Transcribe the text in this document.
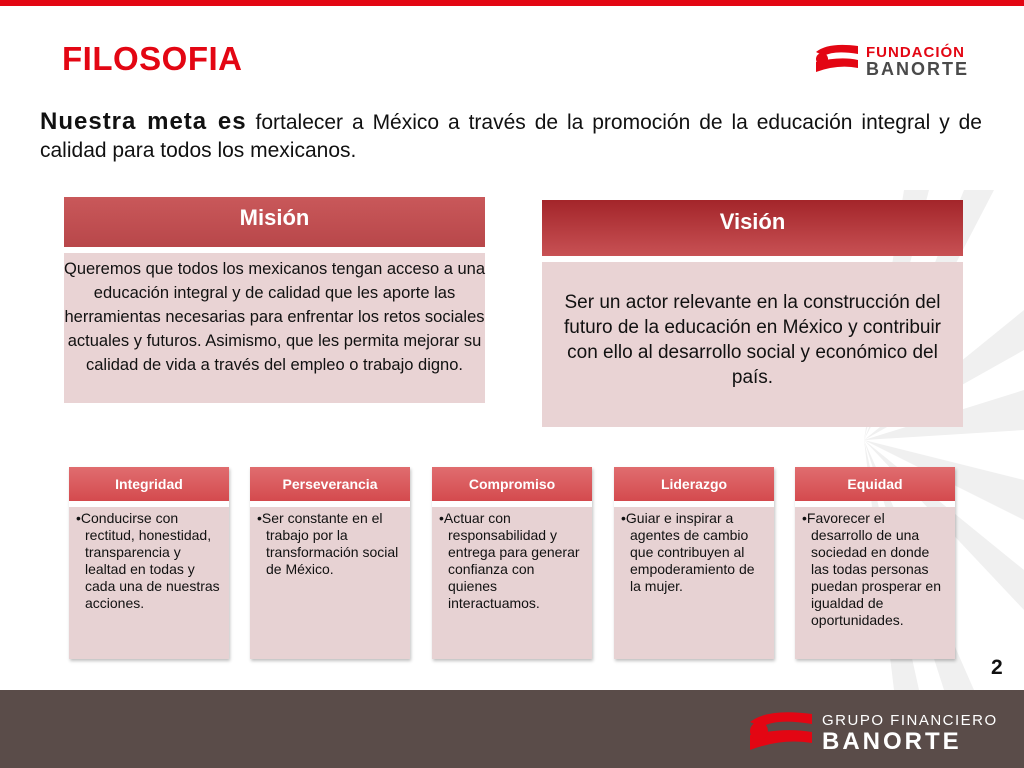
FILOSOFIA	FUNDACIÓN
BANORTE
Nuestra meta es fortalecer a México a través de la promoción de la educación integral y de calidad para todos los mexicanos.
Misión
Queremos que todos los mexicanos tengan acceso a una educación integral y de calidad que les aporte las herramientas necesarias para enfrentar los retos sociales actuales y futuros. Asimismo, que les permita mejorar su calidad de vida a través del empleo o trabajo digno.
Visión
Ser un actor relevante en la construcción del futuro de la educación en México y contribuir con ello al desarrollo social y económico del país.
Integridad
•Conducirse con rectitud, honestidad, transparencia y lealtad en todas y cada una de nuestras acciones.
Perseverancia
•Ser constante en el trabajo por la transformación social de México.
Compromiso
•Actuar con responsabilidad y entrega para generar confianza con quienes interactuamos.
Liderazgo
•Guiar e inspirar a agentes de cambio que contribuyen al empoderamiento de la mujer.
Equidad
•Favorecer el desarrollo de una sociedad en donde las todas personas puedan prosperar en igualdad de oportunidades.
2
GRUPO FINANCIERO
BANORTE
